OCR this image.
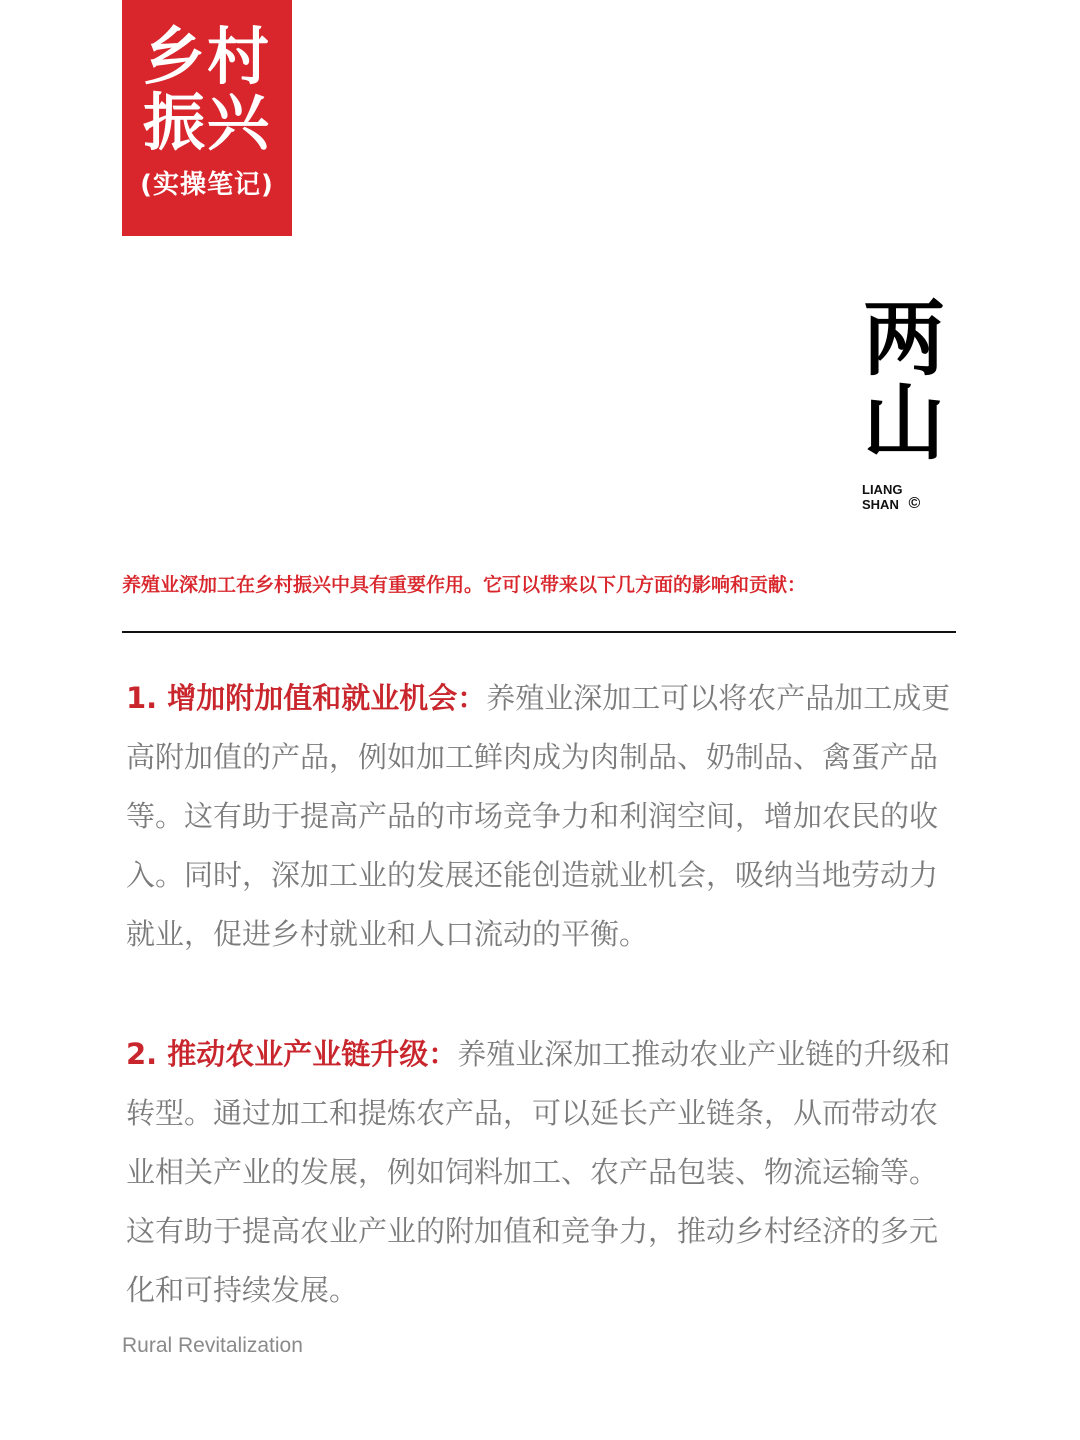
乡村
振兴
(实操笔记)
两
山
LIANG
SHAN ©
养殖业深加工在乡村振兴中具有重要作用。它可以带来以下几方面的影响和贡献：
1. 增加附加值和就业机会：养殖业深加工可以将农产品加工成更高附加值的产品，例如加工鲜肉成为肉制品、奶制品、禽蛋产品等。这有助于提高产品的市场竞争力和利润空间，增加农民的收入。同时，深加工业的发展还能创造就业机会，吸纳当地劳动力就业，促进乡村就业和人口流动的平衡。
2. 推动农业产业链升级：养殖业深加工推动农业产业链的升级和转型。通过加工和提炼农产品，可以延长产业链条，从而带动农业相关产业的发展，例如饲料加工、农产品包装、物流运输等。这有助于提高农业产业的附加值和竞争力，推动乡村经济的多元化和可持续发展。
Rural Revitalization
